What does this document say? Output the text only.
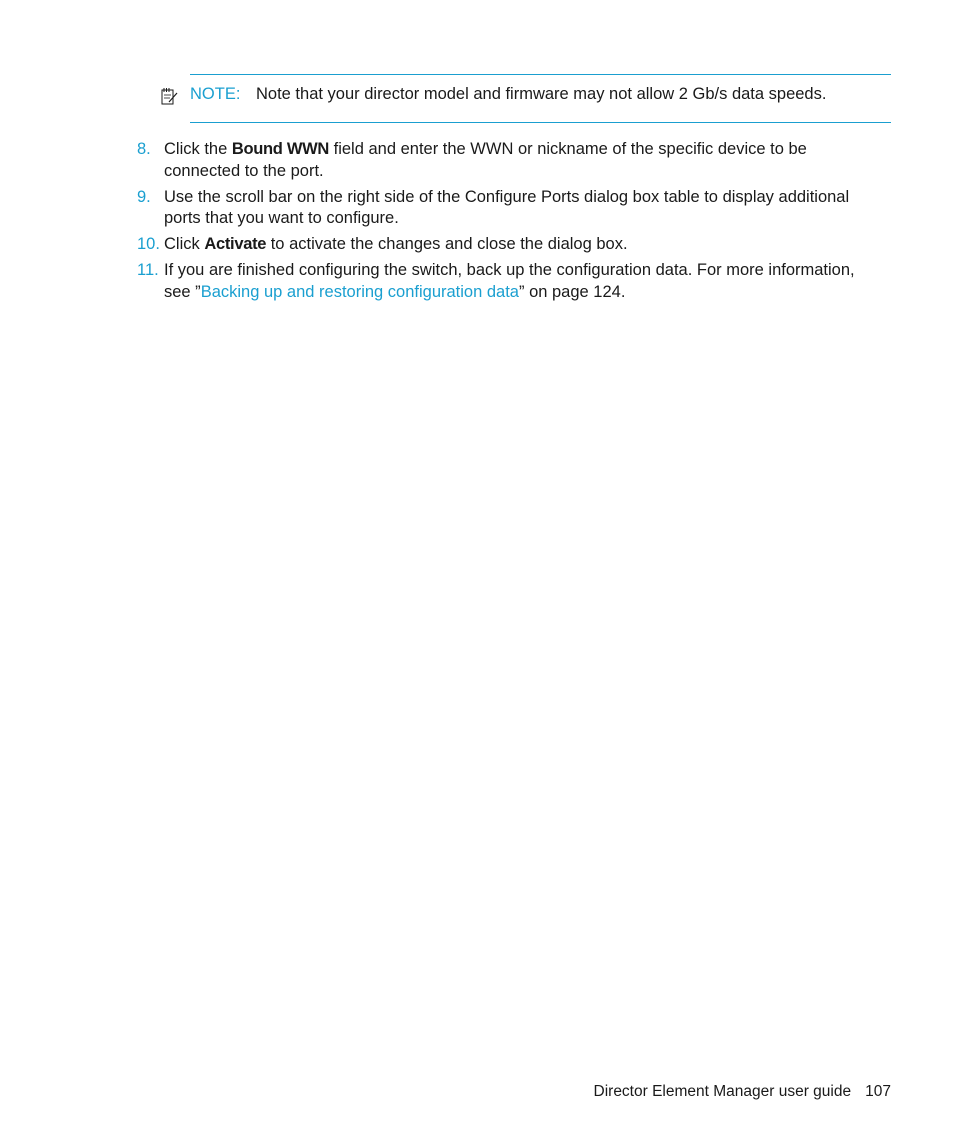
NOTE: Note that your director model and firmware may not allow 2 Gb/s data speeds.
8. Click the Bound WWN field and enter the WWN or nickname of the specific device to be
connected to the port.
9. Use the scroll bar on the right side of the Configure Ports dialog box table to display additional
ports that you want to configure.
10. Click Activate to activate the changes and close the dialog box.
11. If you are finished configuring the switch, back up the configuration data. For more information,
see ”Backing up and restoring configuration data” on page 124.
Director Element Manager user guide 107
